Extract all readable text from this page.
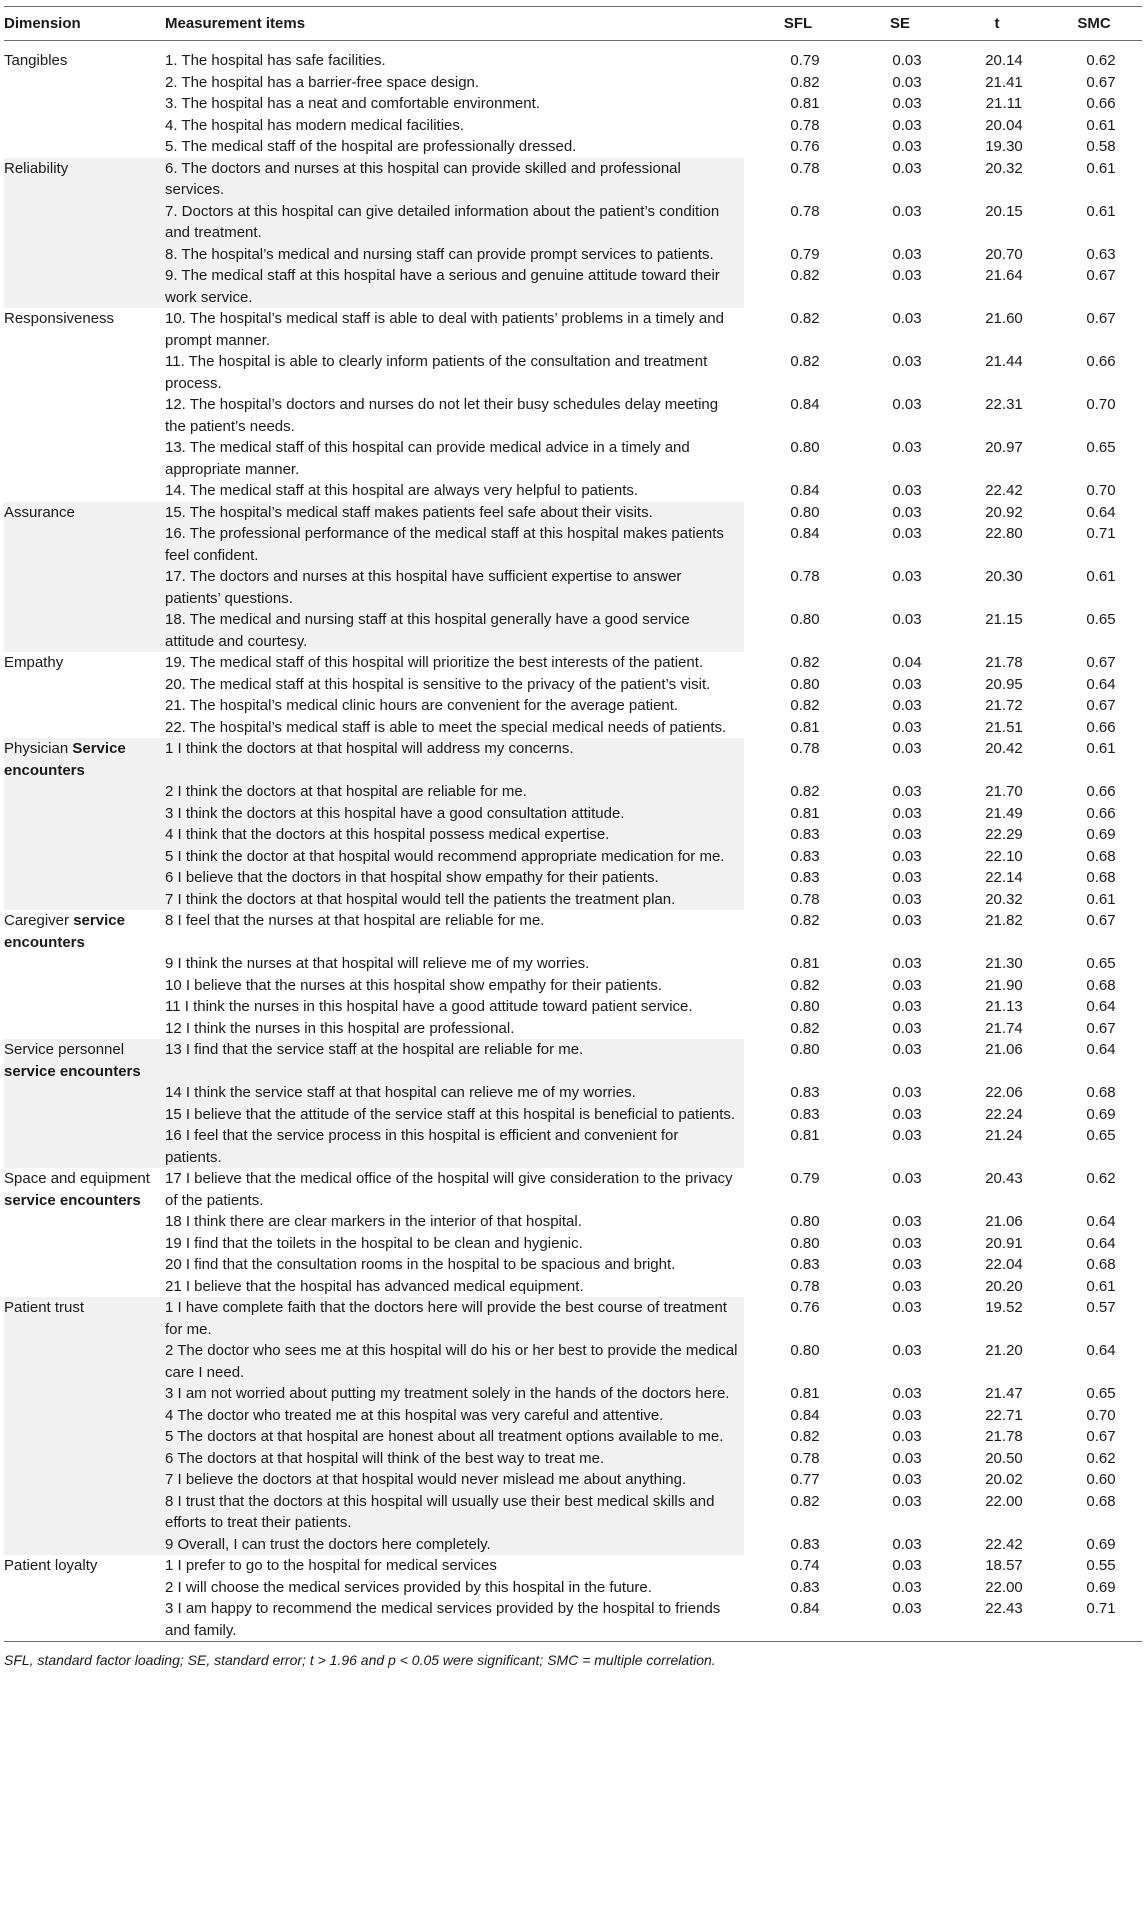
Dimension	Measurement items	SFL	SE	t	SMC
Tangibles	1. The hospital has safe facilities.	0.79	0.03	20.14	0.62
	2. The hospital has a barrier-free space design.	0.82	0.03	21.41	0.67
	3. The hospital has a neat and comfortable environment.	0.81	0.03	21.11	0.66
	4. The hospital has modern medical facilities.	0.78	0.03	20.04	0.61
	5. The medical staff of the hospital are professionally dressed.	0.76	0.03	19.30	0.58
Reliability	6. The doctors and nurses at this hospital can provide skilled and professional services.	0.78	0.03	20.32	0.61
	7. Doctors at this hospital can give detailed information about the patient’s condition and treatment.	0.78	0.03	20.15	0.61
	8. The hospital’s medical and nursing staff can provide prompt services to patients.	0.79	0.03	20.70	0.63
	9. The medical staff at this hospital have a serious and genuine attitude toward their work service.	0.82	0.03	21.64	0.67
Responsiveness	10. The hospital’s medical staff is able to deal with patients’ problems in a timely and prompt manner.	0.82	0.03	21.60	0.67
	11. The hospital is able to clearly inform patients of the consultation and treatment process.	0.82	0.03	21.44	0.66
	12. The hospital’s doctors and nurses do not let their busy schedules delay meeting the patient’s needs.	0.84	0.03	22.31	0.70
	13. The medical staff of this hospital can provide medical advice in a timely and appropriate manner.	0.80	0.03	20.97	0.65
	14. The medical staff at this hospital are always very helpful to patients.	0.84	0.03	22.42	0.70
Assurance	15. The hospital’s medical staff makes patients feel safe about their visits.	0.80	0.03	20.92	0.64
	16. The professional performance of the medical staff at this hospital makes patients feel confident.	0.84	0.03	22.80	0.71
	17. The doctors and nurses at this hospital have sufficient expertise to answer patients’ questions.	0.78	0.03	20.30	0.61
	18. The medical and nursing staff at this hospital generally have a good service attitude and courtesy.	0.80	0.03	21.15	0.65
Empathy	19. The medical staff of this hospital will prioritize the best interests of the patient.	0.82	0.04	21.78	0.67
	20. The medical staff at this hospital is sensitive to the privacy of the patient’s visit.	0.80	0.03	20.95	0.64
	21. The hospital’s medical clinic hours are convenient for the average patient.	0.82	0.03	21.72	0.67
	22. The hospital’s medical staff is able to meet the special medical needs of patients.	0.81	0.03	21.51	0.66
Physician Service encounters	1 I think the doctors at that hospital will address my concerns.	0.78	0.03	20.42	0.61
	2 I think the doctors at that hospital are reliable for me.	0.82	0.03	21.70	0.66
	3 I think the doctors at this hospital have a good consultation attitude.	0.81	0.03	21.49	0.66
	4 I think that the doctors at this hospital possess medical expertise.	0.83	0.03	22.29	0.69
	5 I think the doctor at that hospital would recommend appropriate medication for me.	0.83	0.03	22.10	0.68
	6 I believe that the doctors in that hospital show empathy for their patients.	0.83	0.03	22.14	0.68
	7 I think the doctors at that hospital would tell the patients the treatment plan.	0.78	0.03	20.32	0.61
Caregiver service encounters	8 I feel that the nurses at that hospital are reliable for me.	0.82	0.03	21.82	0.67
	9 I think the nurses at that hospital will relieve me of my worries.	0.81	0.03	21.30	0.65
	10 I believe that the nurses at this hospital show empathy for their patients.	0.82	0.03	21.90	0.68
	11 I think the nurses in this hospital have a good attitude toward patient service.	0.80	0.03	21.13	0.64
	12 I think the nurses in this hospital are professional.	0.82	0.03	21.74	0.67
Service personnel service encounters	13 I find that the service staff at the hospital are reliable for me.	0.80	0.03	21.06	0.64
	14 I think the service staff at that hospital can relieve me of my worries.	0.83	0.03	22.06	0.68
	15 I believe that the attitude of the service staff at this hospital is beneficial to patients.	0.83	0.03	22.24	0.69
	16 I feel that the service process in this hospital is efficient and convenient for patients.	0.81	0.03	21.24	0.65
Space and equipment service encounters	17 I believe that the medical office of the hospital will give consideration to the privacy of the patients.	0.79	0.03	20.43	0.62
	18 I think there are clear markers in the interior of that hospital.	0.80	0.03	21.06	0.64
	19 I find that the toilets in the hospital to be clean and hygienic.	0.80	0.03	20.91	0.64
	20 I find that the consultation rooms in the hospital to be spacious and bright.	0.83	0.03	22.04	0.68
	21 I believe that the hospital has advanced medical equipment.	0.78	0.03	20.20	0.61
Patient trust	1 I have complete faith that the doctors here will provide the best course of treatment for me.	0.76	0.03	19.52	0.57
	2 The doctor who sees me at this hospital will do his or her best to provide the medical care I need.	0.80	0.03	21.20	0.64
	3 I am not worried about putting my treatment solely in the hands of the doctors here.	0.81	0.03	21.47	0.65
	4 The doctor who treated me at this hospital was very careful and attentive.	0.84	0.03	22.71	0.70
	5 The doctors at that hospital are honest about all treatment options available to me.	0.82	0.03	21.78	0.67
	6 The doctors at that hospital will think of the best way to treat me.	0.78	0.03	20.50	0.62
	7 I believe the doctors at that hospital would never mislead me about anything.	0.77	0.03	20.02	0.60
	8 I trust that the doctors at this hospital will usually use their best medical skills and efforts to treat their patients.	0.82	0.03	22.00	0.68
	9 Overall, I can trust the doctors here completely.	0.83	0.03	22.42	0.69
Patient loyalty	1 I prefer to go to the hospital for medical services	0.74	0.03	18.57	0.55
	2 I will choose the medical services provided by this hospital in the future.	0.83	0.03	22.00	0.69
	3 I am happy to recommend the medical services provided by the hospital to friends and family.	0.84	0.03	22.43	0.71
SFL, standard factor loading; SE, standard error; t > 1.96 and p < 0.05 were significant; SMC = multiple correlation.					
